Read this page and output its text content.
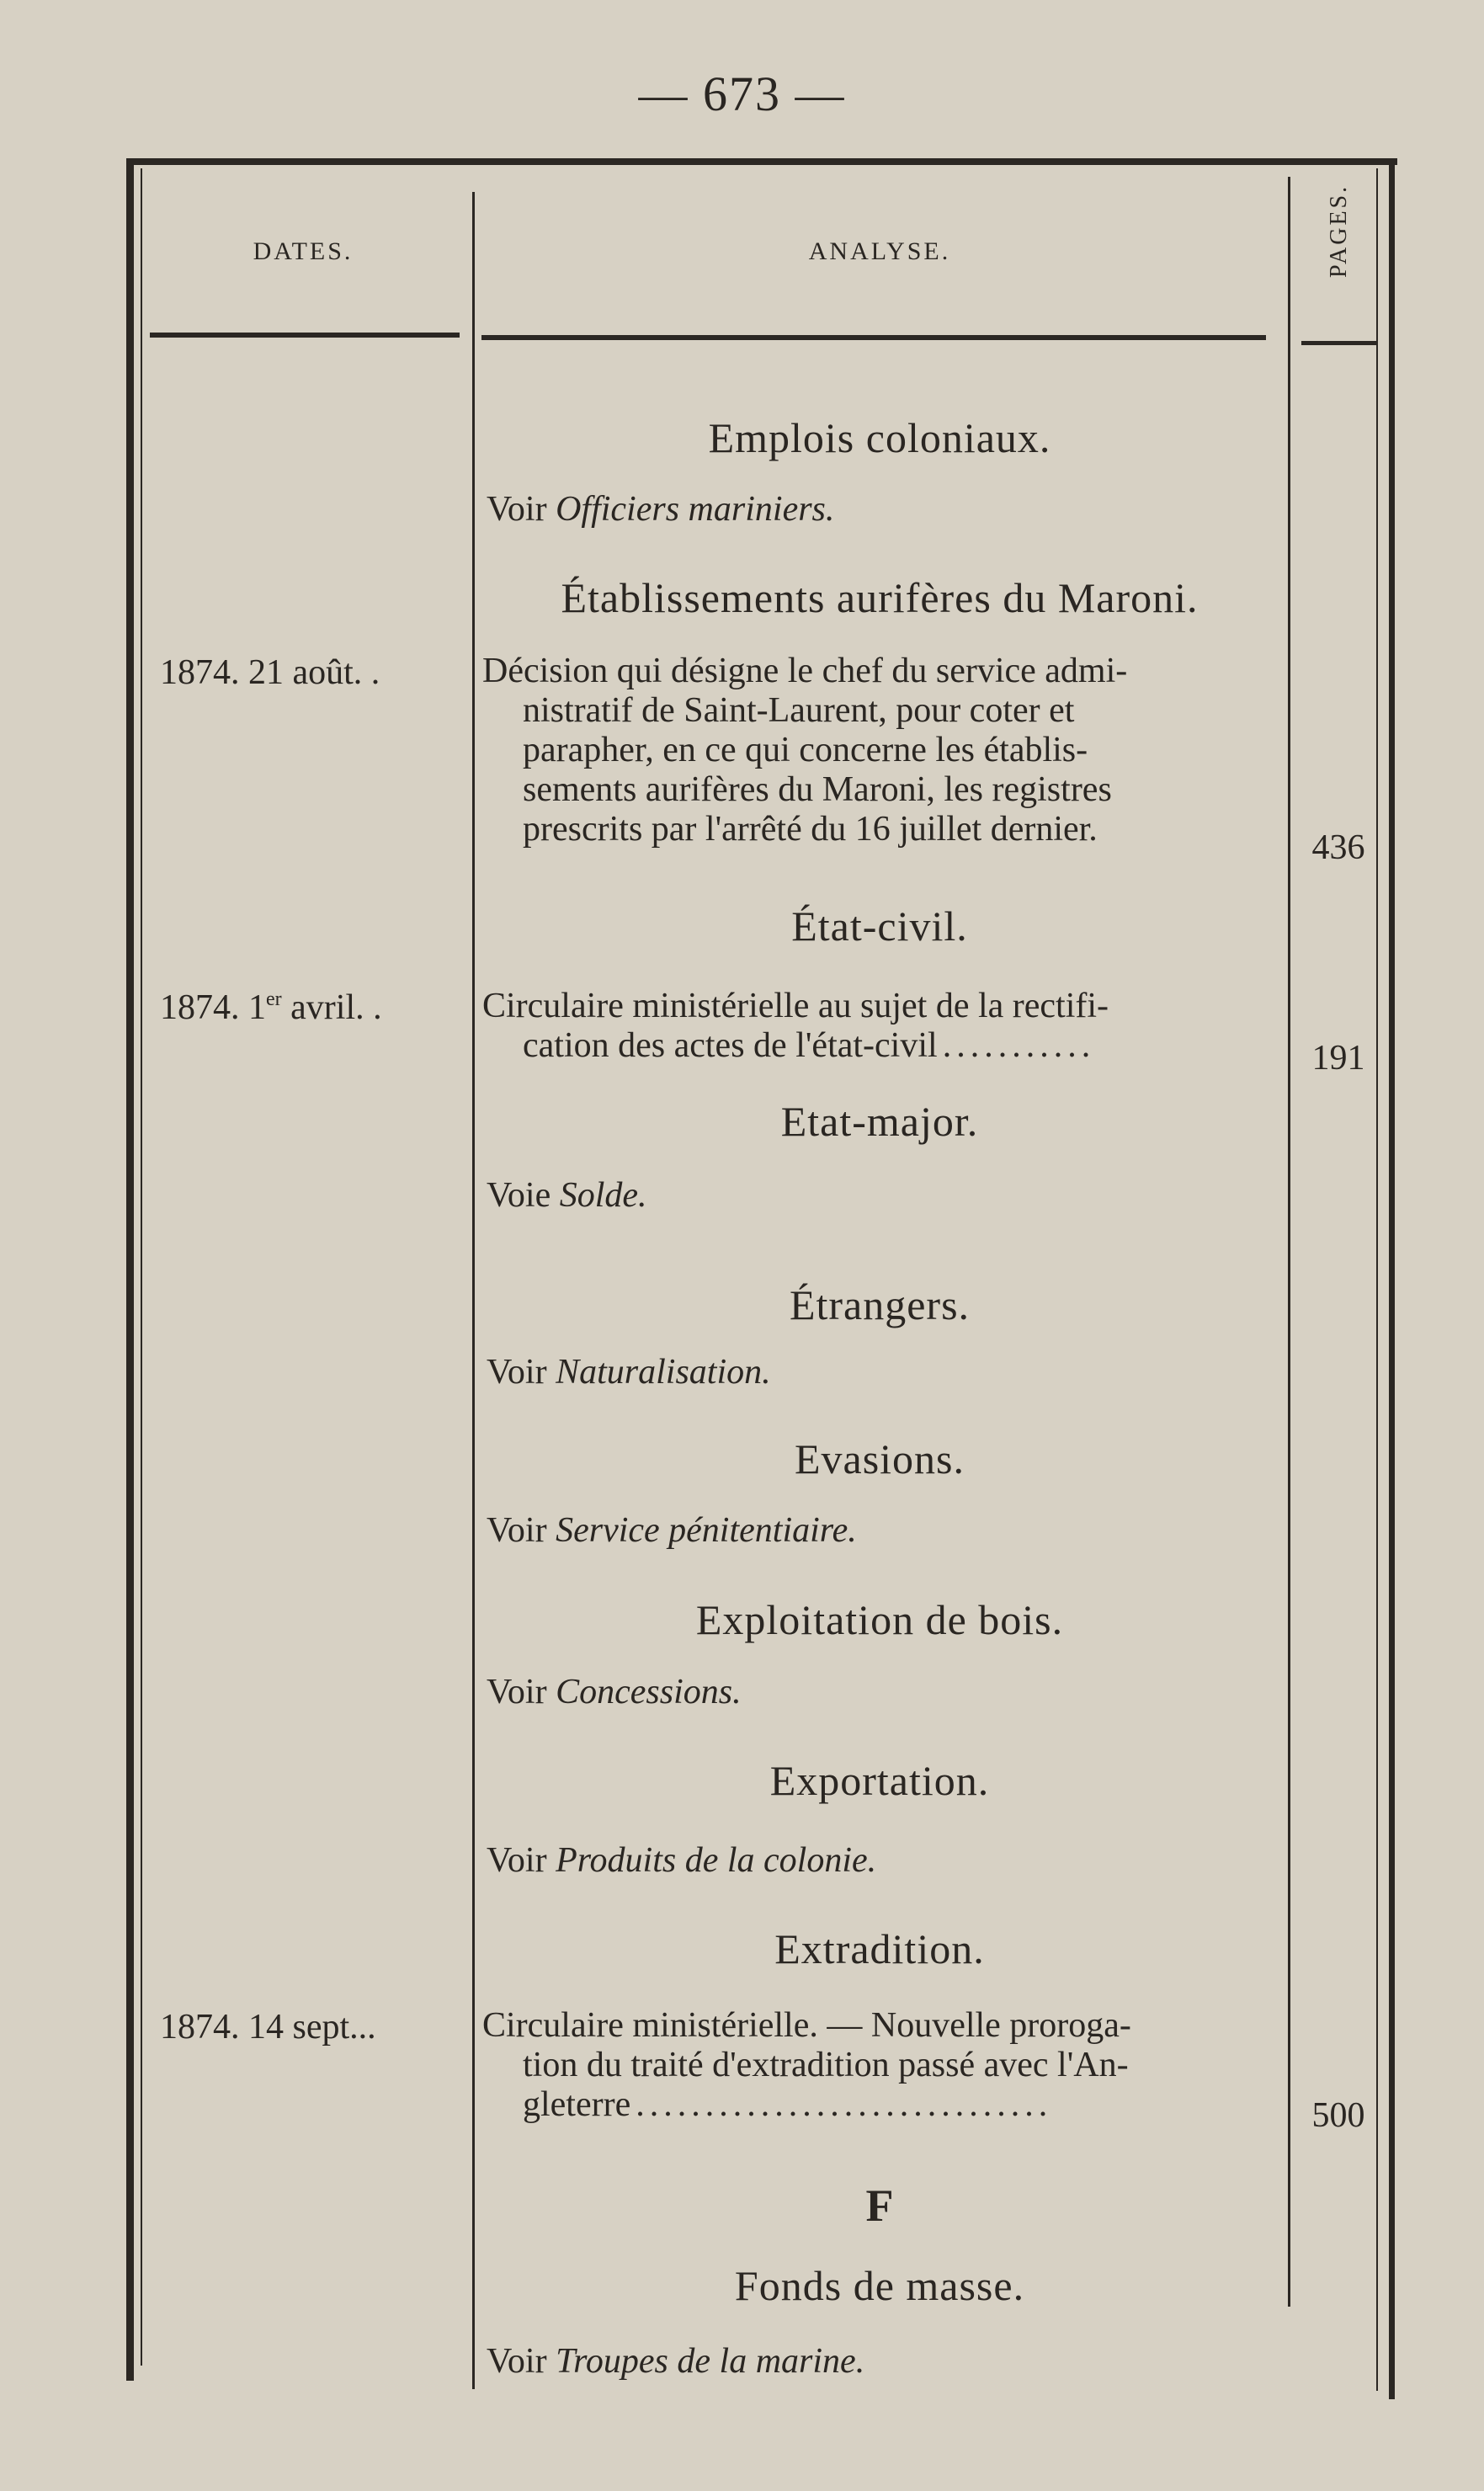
— 673 —
DATES.	ANALYSE.	PAGES.
Emplois coloniaux.
Voir Officiers mariniers.
Établissements aurifères du Maroni.
1874. 21 août. .	Décision qui désigne le chef du service admi-
nistratif de Saint-Laurent, pour coter et
parapher, en ce qui concerne les établis-
sements aurifères du Maroni, les registres
prescrits par l'arrêté du 16 juillet dernier.	436
État-civil.
1874. 1er avril. .	Circulaire ministérielle au sujet de la rectifi-
cation des actes de l'état-civil ...........	191
Etat-major.
Voie Solde.
Étrangers.
Voir Naturalisation.
Evasions.
Voir Service pénitentiaire.
Exploitation de bois.
Voir Concessions.
Exportation.
Voir Produits de la colonie.
Extradition.
1874. 14 sept...	Circulaire ministérielle. — Nouvelle proroga-
tion du traité d'extradition passé avec l'An-
gleterre ..............................	500
F
Fonds de masse.
Voir Troupes de la marine.
